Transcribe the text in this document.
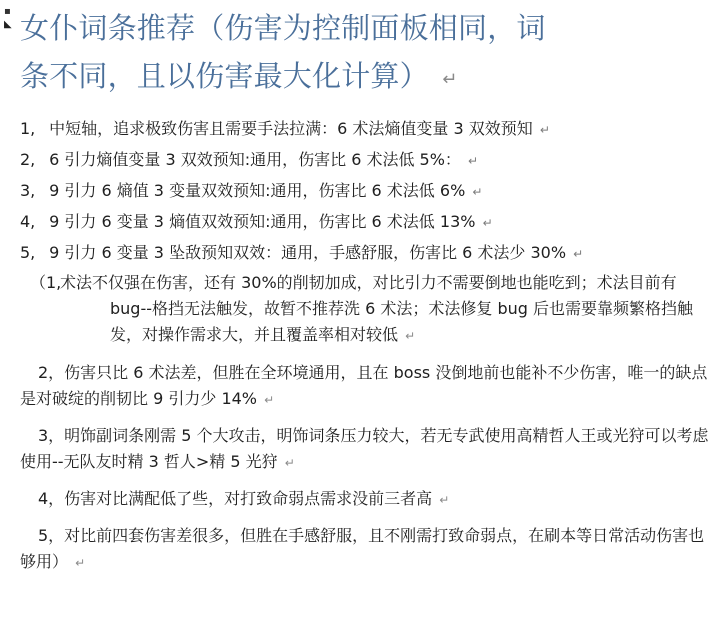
▪
◣ 女仆词条推荐（伤害为控制面板相同，词
条不同，且以伤害最大化计算） ↵
1, 中短轴，追求极致伤害且需要手法拉满：6 术法熵值变量 3 双效预知 ↵
2, 6 引力熵值变量 3 双效预知:通用，伤害比 6 术法低 5%： ↵
3, 9 引力 6 熵值 3 变量双效预知:通用，伤害比 6 术法低 6% ↵
4, 9 引力 6 变量 3 熵值双效预知:通用，伤害比 6 术法低 13% ↵
5, 9 引力 6 变量 3 坠敌预知双效：通用，手感舒服，伤害比 6 术法少 30% ↵
（1,
术法不仅强在伤害，还有 30%的削韧加成，对比引力不需要倒地也能吃到；术法目前有 bug--格挡无法触发，故暂不推荐洗 6 术法；术法修复 bug 后也需要靠频繁格挡触发，对操作需求大，并且覆盖率相对较低 ↵
2，伤害只比 6 术法差，但胜在全环境通用，且在 boss 没倒地前也能补不少伤害，唯一的缺点是对破绽的削韧比 9 引力少 14% ↵
3，明饰副词条刚需 5 个大攻击，明饰词条压力较大，若无专武使用高精哲人王或光狩可以考虑使用--无队友时精 3 哲人>精 5 光狩 ↵
4，伤害对比满配低了些，对打致命弱点需求没前三者高 ↵
5，对比前四套伤害差很多，但胜在手感舒服，且不刚需打致命弱点，在刷本等日常活动伤害也够用） ↵
